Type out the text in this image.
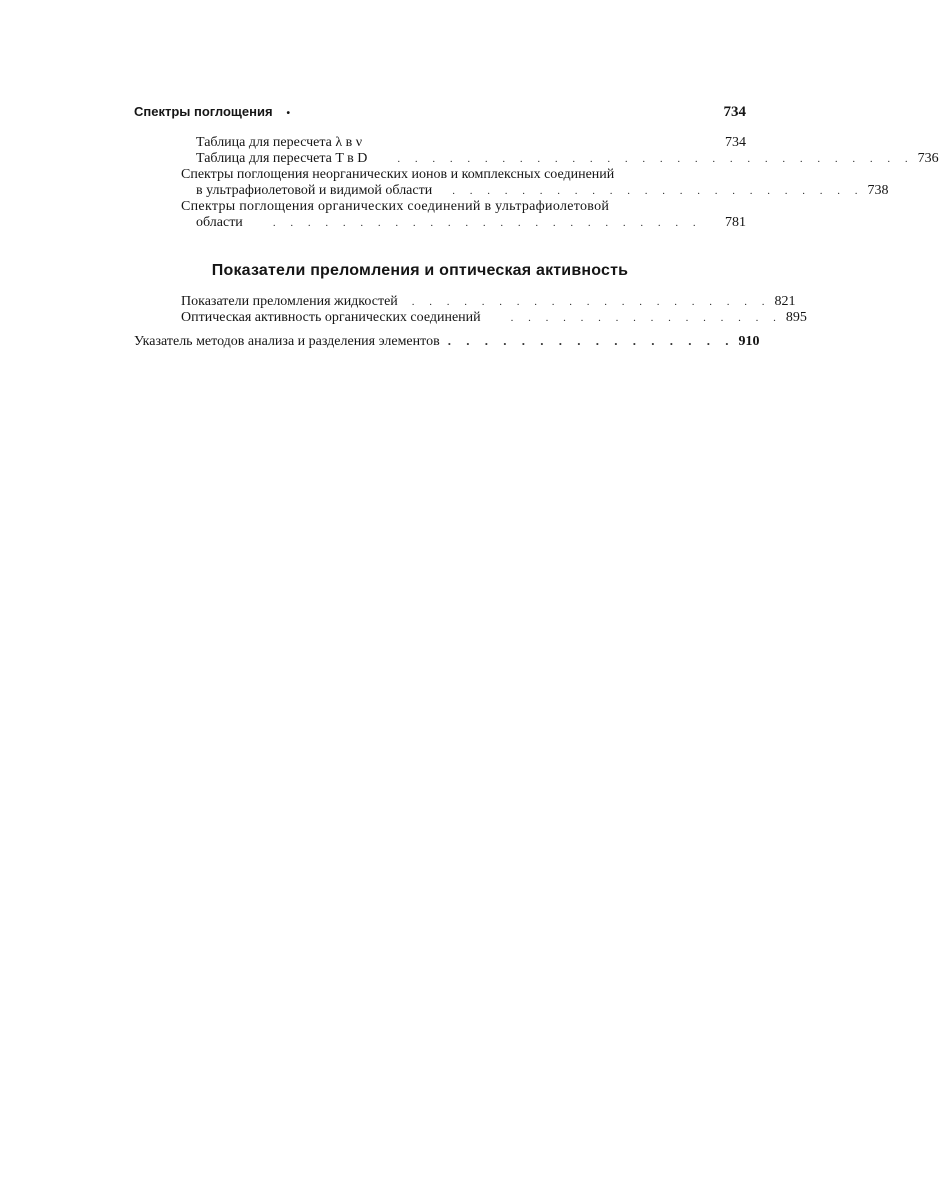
Спектры поглощения •	734
Таблица для пересчета λ в ν	734
Таблица для пересчета T в D	. . . . . . . . . . . . . . . . . . . . . . . . . . . . . . 736
Спектры поглощения неорганических ионов и комплексных соединений
в ультрафиолетовой и видимой области . . . . . . . . . . . . . . . . . . . . . . . . 738
Спектры поглощения органических соединений в ультрафиолетовой
области	. . . . . . . . . . . . . . . . . . . . . . . . .	781
Показатели преломления и оптическая активность
Показатели преломления жидкостей . . . . . . . . . . . . . . . . . . . . . 821
Оптическая активность органических соединений	. . . . . . . . . . . . . . . . 895
Указатель методов анализа и разделения элементов . . . . . . . . . . . . . . . . 910
